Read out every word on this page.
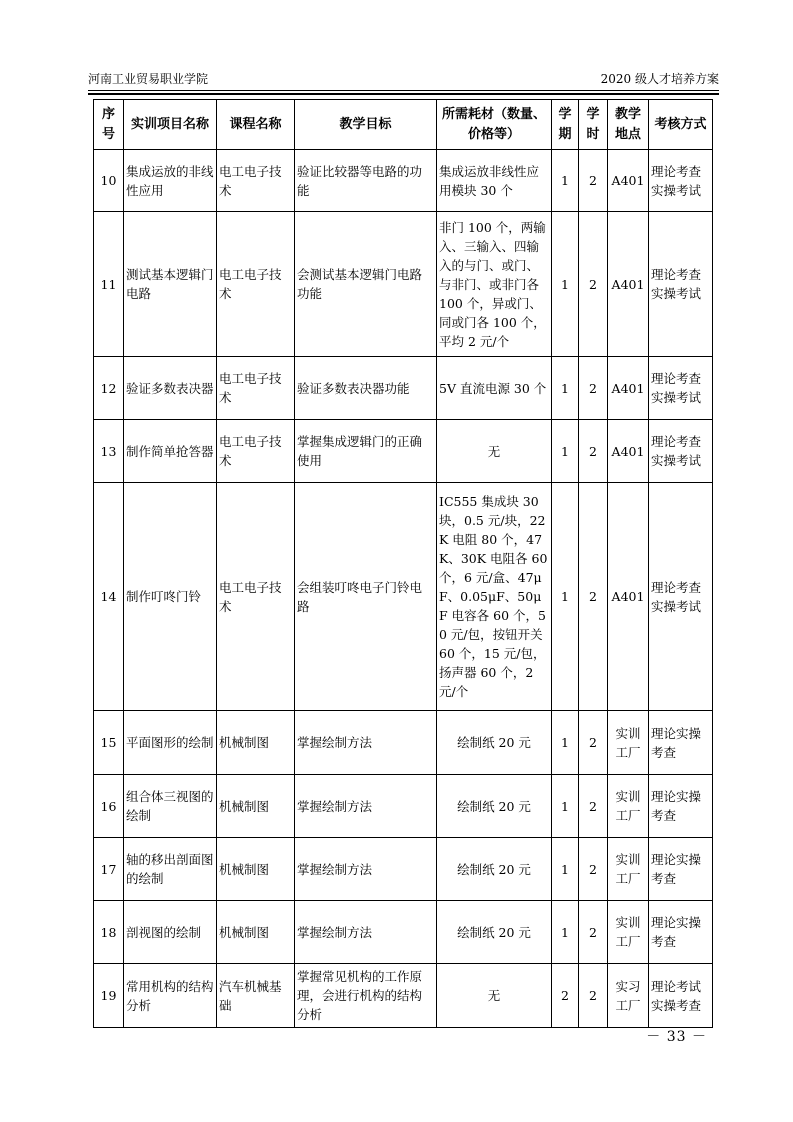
河南工业贸易职业学院	2020 级人才培养方案
序号	实训项目名称	课程名称	教学目标	所需耗材（数量、价格等）	学期	学时	教学地点	考核方式
10	集成运放的非线性应用	电工电子技术	验证比较器等电路的功能	集成运放非线性应用模块 30 个	1	2	A401	理论考查实操考试
11	测试基本逻辑门电路	电工电子技术	会测试基本逻辑门电路功能	非门 100 个，两输入、三输入、四输入的与门、或门、与非门、或非门各 100 个，异或门、同或门各 100 个，平均 2 元/个	1	2	A401	理论考查实操考试
12	验证多数表决器	电工电子技术	验证多数表决器功能	5V 直流电源 30 个	1	2	A401	理论考查实操考试
13	制作简单抢答器	电工电子技术	掌握集成逻辑门的正确使用	无	1	2	A401	理论考查实操考试
14	制作叮咚门铃	电工电子技术	会组装叮咚电子门铃电路	IC555 集成块 30 块，0.5 元/块，22K 电阻 80 个，47K、30K 电阻各 60 个，6 元/盒、47μF、0.05μF、50μF 电容各 60 个，50 元/包，按钮开关 60 个，15 元/包，扬声器 60 个，2 元/个	1	2	A401	理论考查实操考试
15	平面图形的绘制	机械制图	掌握绘制方法	绘制纸 20 元	1	2	实训工厂	理论实操考查
16	组合体三视图的绘制	机械制图	掌握绘制方法	绘制纸 20 元	1	2	实训工厂	理论实操考查
17	轴的移出剖面图的绘制	机械制图	掌握绘制方法	绘制纸 20 元	1	2	实训工厂	理论实操考查
18	剖视图的绘制	机械制图	掌握绘制方法	绘制纸 20 元	1	2	实训工厂	理论实操考查
19	常用机构的结构分析	汽车机械基础	掌握常见机构的工作原理，会进行机构的结构分析	无	2	2	实习工厂	理论考试实操考查
－ 33 －
